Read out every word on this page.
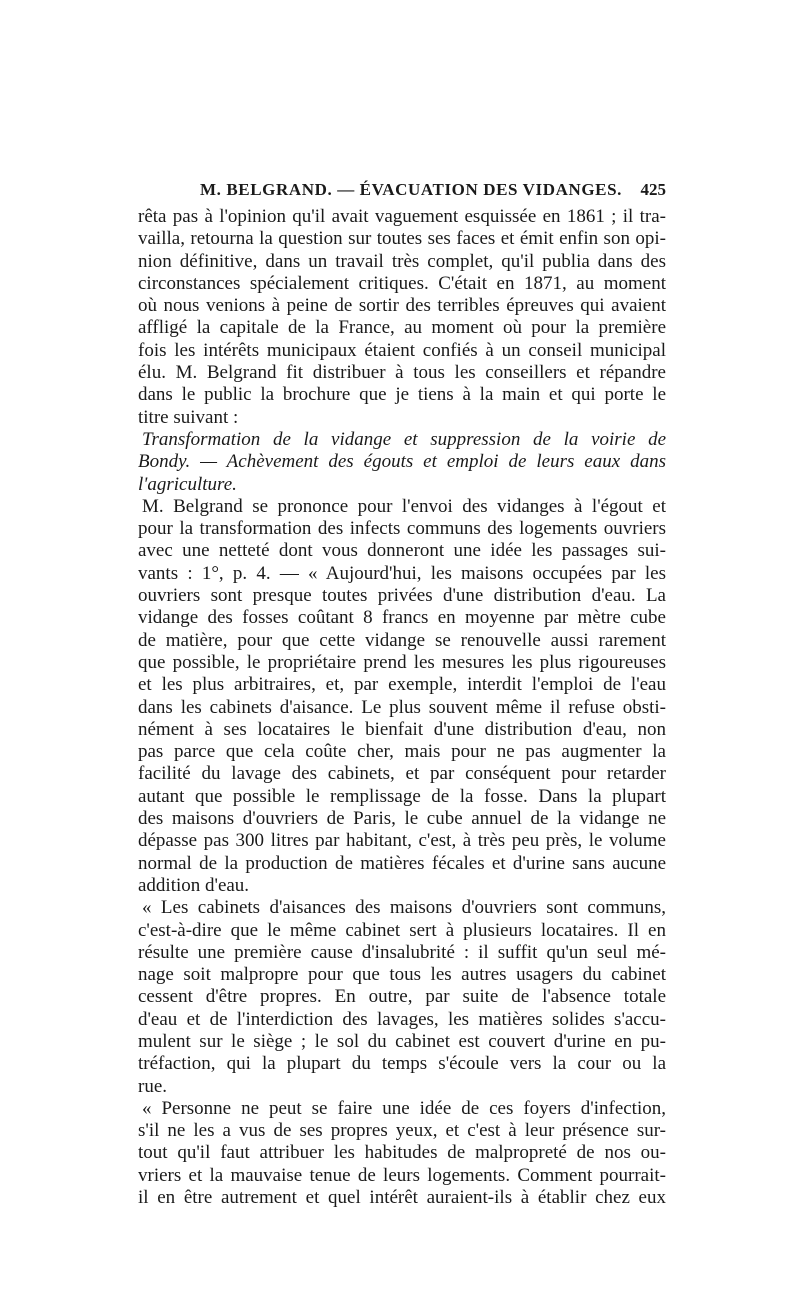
M. BELGRAND. — ÉVACUATION DES VIDANGES. 425
rêta pas à l'opinion qu'il avait vaguement esquissée en 1861 ; il tra-
vailla, retourna la question sur toutes ses faces et émit enfin son opi-
nion définitive, dans un travail très complet, qu'il publia dans des
circonstances spécialement critiques. C'était en 1871, au moment
où nous venions à peine de sortir des terribles épreuves qui avaient
affligé la capitale de la France, au moment où pour la première
fois les intérêts municipaux étaient confiés à un conseil municipal
élu. M. Belgrand fit distribuer à tous les conseillers et répandre
dans le public la brochure que je tiens à la main et qui porte le
titre suivant :
Transformation de la vidange et suppression de la voirie de
Bondy. — Achèvement des égouts et emploi de leurs eaux dans
l'agriculture.
M. Belgrand se prononce pour l'envoi des vidanges à l'égout et
pour la transformation des infects communs des logements ouvriers
avec une netteté dont vous donneront une idée les passages sui-
vants : 1°, p. 4. — « Aujourd'hui, les maisons occupées par les
ouvriers sont presque toutes privées d'une distribution d'eau. La
vidange des fosses coûtant 8 francs en moyenne par mètre cube
de matière, pour que cette vidange se renouvelle aussi rarement
que possible, le propriétaire prend les mesures les plus rigoureuses
et les plus arbitraires, et, par exemple, interdit l'emploi de l'eau
dans les cabinets d'aisance. Le plus souvent même il refuse obsti-
nément à ses locataires le bienfait d'une distribution d'eau, non
pas parce que cela coûte cher, mais pour ne pas augmenter la
facilité du lavage des cabinets, et par conséquent pour retarder
autant que possible le remplissage de la fosse. Dans la plupart
des maisons d'ouvriers de Paris, le cube annuel de la vidange ne
dépasse pas 300 litres par habitant, c'est, à très peu près, le volume
normal de la production de matières fécales et d'urine sans aucune
addition d'eau.
« Les cabinets d'aisances des maisons d'ouvriers sont communs,
c'est-à-dire que le même cabinet sert à plusieurs locataires. Il en
résulte une première cause d'insalubrité : il suffit qu'un seul mé-
nage soit malpropre pour que tous les autres usagers du cabinet
cessent d'être propres. En outre, par suite de l'absence totale
d'eau et de l'interdiction des lavages, les matières solides s'accu-
mulent sur le siège ; le sol du cabinet est couvert d'urine en pu-
tréfaction, qui la plupart du temps s'écoule vers la cour ou la
rue.
« Personne ne peut se faire une idée de ces foyers d'infection,
s'il ne les a vus de ses propres yeux, et c'est à leur présence sur-
tout qu'il faut attribuer les habitudes de malpropreté de nos ou-
vriers et la mauvaise tenue de leurs logements. Comment pourrait-
il en être autrement et quel intérêt auraient-ils à établir chez eux
